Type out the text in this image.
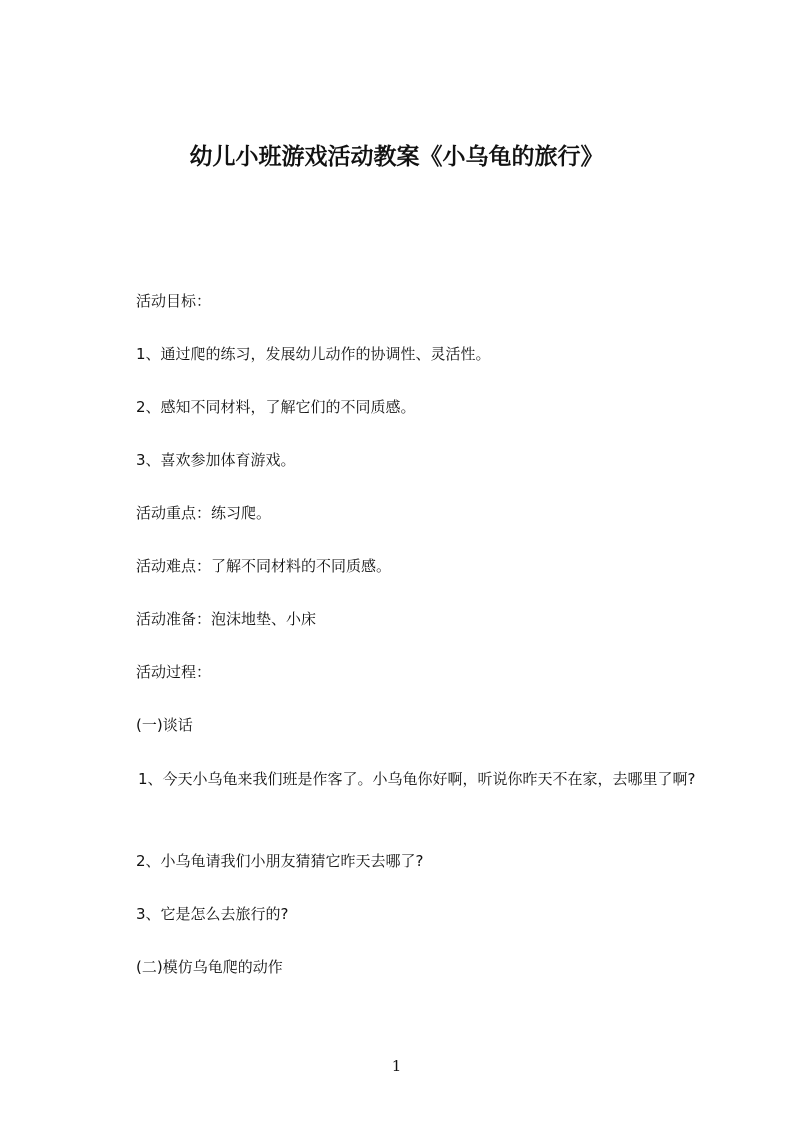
幼儿小班游戏活动教案《小乌龟的旅行》
活动目标：
1、通过爬的练习，发展幼儿动作的协调性、灵活性。
2、感知不同材料，了解它们的不同质感。
3、喜欢参加体育游戏。
活动重点：练习爬。
活动难点：了解不同材料的不同质感。
活动准备：泡沫地垫、小床
活动过程：
(一)谈话
1、今天小乌龟来我们班是作客了。小乌龟你好啊，听说你昨天不在家，去哪里了啊?
2、小乌龟请我们小朋友猜猜它昨天去哪了?
3、它是怎么去旅行的?
(二)模仿乌龟爬的动作
1
